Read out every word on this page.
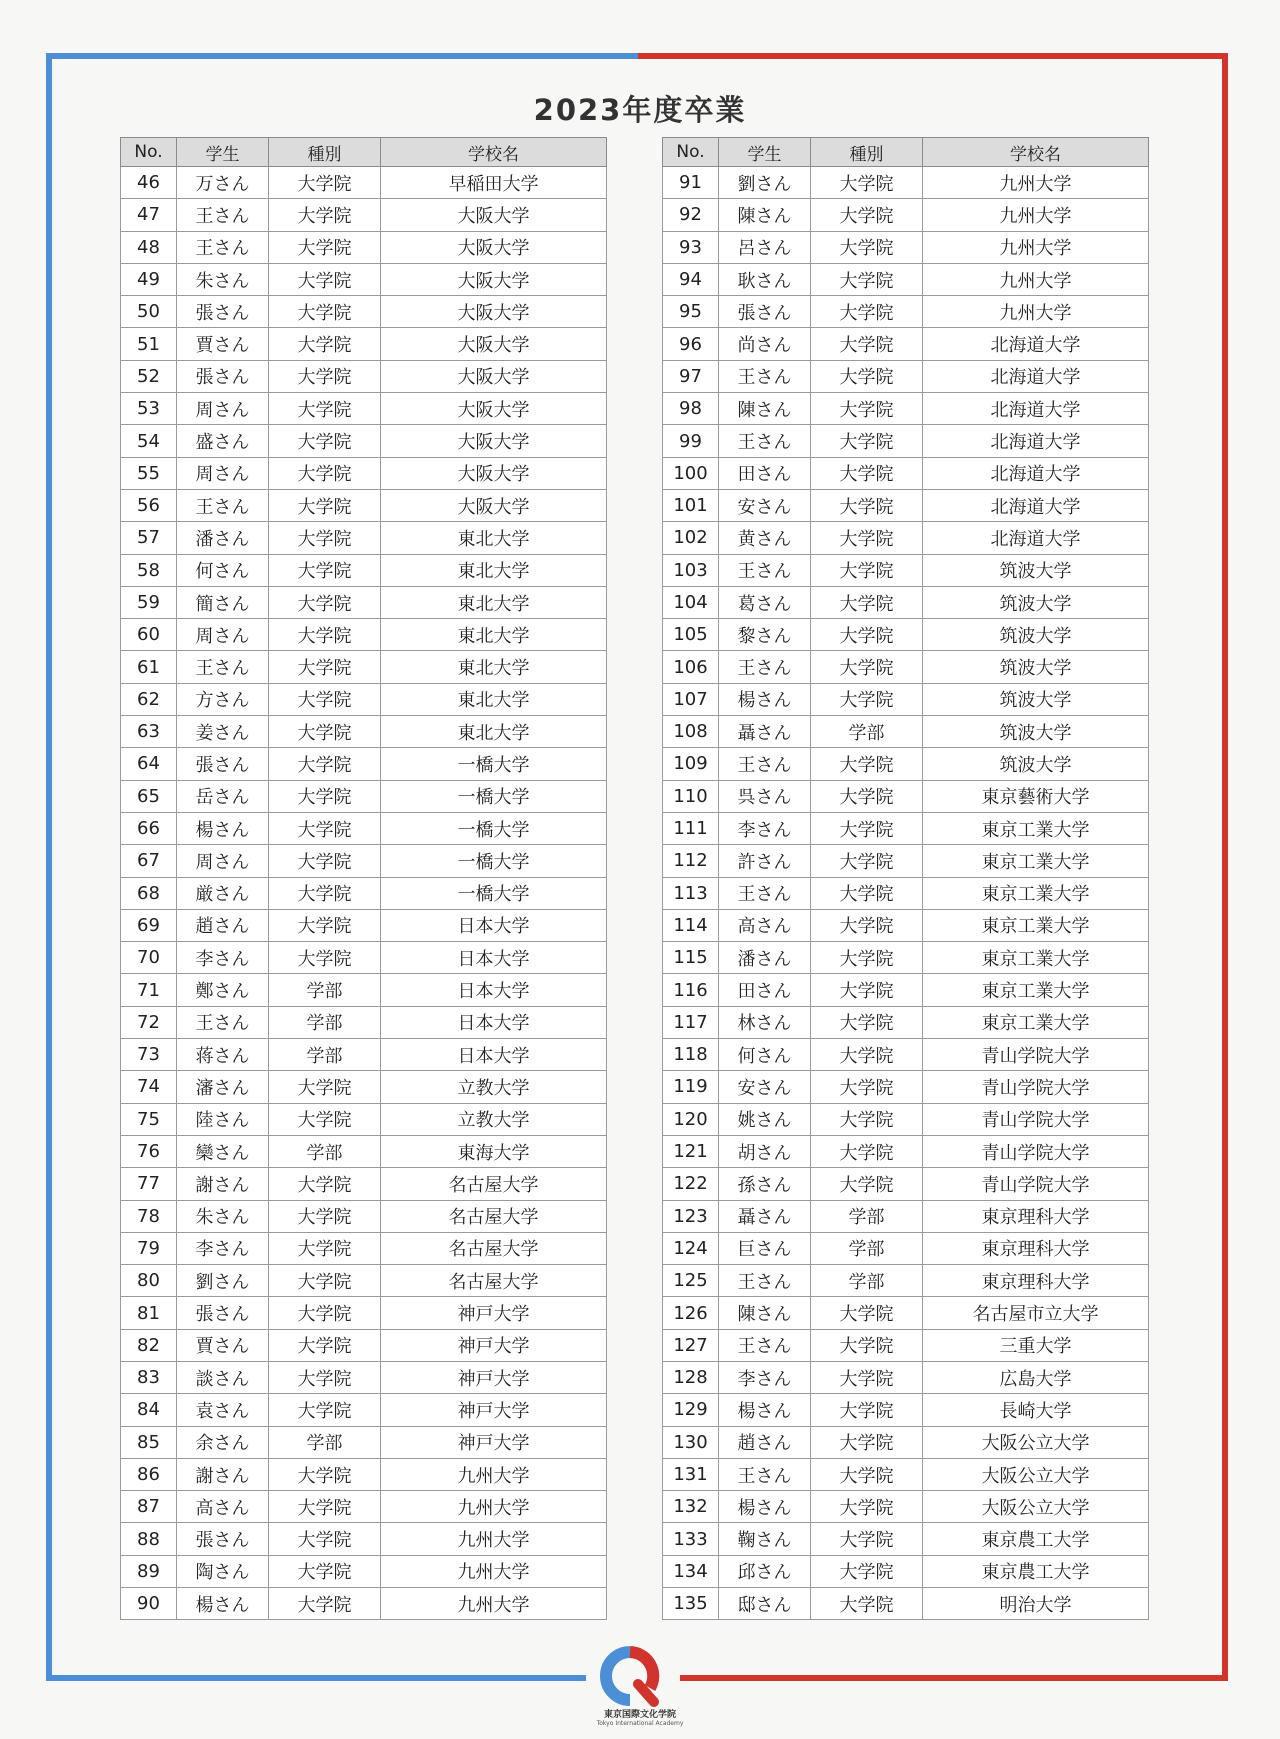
2023年度卒業
No.	学生	種別	学校名
46	万さん	大学院	早稲田大学
47	王さん	大学院	大阪大学
48	王さん	大学院	大阪大学
49	朱さん	大学院	大阪大学
50	張さん	大学院	大阪大学
51	賈さん	大学院	大阪大学
52	張さん	大学院	大阪大学
53	周さん	大学院	大阪大学
54	盛さん	大学院	大阪大学
55	周さん	大学院	大阪大学
56	王さん	大学院	大阪大学
57	潘さん	大学院	東北大学
58	何さん	大学院	東北大学
59	簡さん	大学院	東北大学
60	周さん	大学院	東北大学
61	王さん	大学院	東北大学
62	方さん	大学院	東北大学
63	姜さん	大学院	東北大学
64	張さん	大学院	一橋大学
65	岳さん	大学院	一橋大学
66	楊さん	大学院	一橋大学
67	周さん	大学院	一橋大学
68	厳さん	大学院	一橋大学
69	趙さん	大学院	日本大学
70	李さん	大学院	日本大学
71	鄭さん	学部	日本大学
72	王さん	学部	日本大学
73	蒋さん	学部	日本大学
74	瀋さん	大学院	立教大学
75	陸さん	大学院	立教大学
76	欒さん	学部	東海大学
77	謝さん	大学院	名古屋大学
78	朱さん	大学院	名古屋大学
79	李さん	大学院	名古屋大学
80	劉さん	大学院	名古屋大学
81	張さん	大学院	神戸大学
82	賈さん	大学院	神戸大学
83	談さん	大学院	神戸大学
84	袁さん	大学院	神戸大学
85	余さん	学部	神戸大学
86	謝さん	大学院	九州大学
87	高さん	大学院	九州大学
88	張さん	大学院	九州大学
89	陶さん	大学院	九州大学
90	楊さん	大学院	九州大学
No.	学生	種別	学校名
91	劉さん	大学院	九州大学
92	陳さん	大学院	九州大学
93	呂さん	大学院	九州大学
94	耿さん	大学院	九州大学
95	張さん	大学院	九州大学
96	尚さん	大学院	北海道大学
97	王さん	大学院	北海道大学
98	陳さん	大学院	北海道大学
99	王さん	大学院	北海道大学
100	田さん	大学院	北海道大学
101	安さん	大学院	北海道大学
102	黄さん	大学院	北海道大学
103	王さん	大学院	筑波大学
104	葛さん	大学院	筑波大学
105	黎さん	大学院	筑波大学
106	王さん	大学院	筑波大学
107	楊さん	大学院	筑波大学
108	聶さん	学部	筑波大学
109	王さん	大学院	筑波大学
110	呉さん	大学院	東京藝術大学
111	李さん	大学院	東京工業大学
112	許さん	大学院	東京工業大学
113	王さん	大学院	東京工業大学
114	高さん	大学院	東京工業大学
115	潘さん	大学院	東京工業大学
116	田さん	大学院	東京工業大学
117	林さん	大学院	東京工業大学
118	何さん	大学院	青山学院大学
119	安さん	大学院	青山学院大学
120	姚さん	大学院	青山学院大学
121	胡さん	大学院	青山学院大学
122	孫さん	大学院	青山学院大学
123	聶さん	学部	東京理科大学
124	巨さん	学部	東京理科大学
125	王さん	学部	東京理科大学
126	陳さん	大学院	名古屋市立大学
127	王さん	大学院	三重大学
128	李さん	大学院	広島大学
129	楊さん	大学院	長崎大学
130	趙さん	大学院	大阪公立大学
131	王さん	大学院	大阪公立大学
132	楊さん	大学院	大阪公立大学
133	鞠さん	大学院	東京農工大学
134	邱さん	大学院	東京農工大学
135	邸さん	大学院	明治大学
東京国際文化学院
Tokyo International Academy
